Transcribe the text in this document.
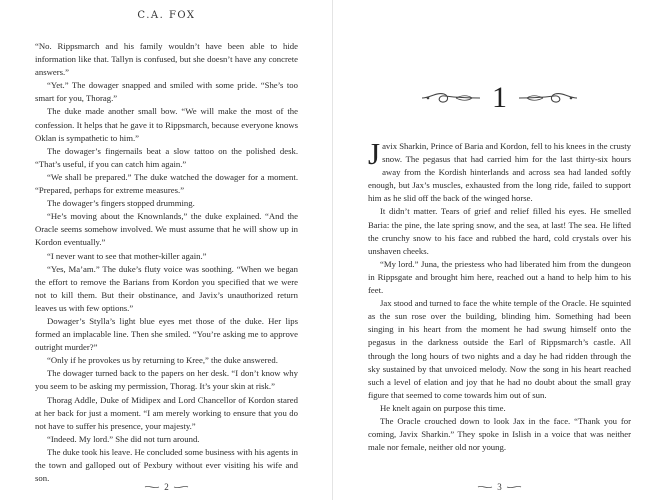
C.A. FOX

“No. Rippsmarch and his family wouldn’t have been able to hide information like that. Tallyn is confused, but she doesn’t have any concrete answers.”

“Yet.” The dowager snapped and smiled with some pride. “She’s too smart for you, Thorag.”

The duke made another small bow. “We will make the most of the confession. It helps that he gave it to Rippsmarch, because everyone knows Oklan is sympathetic to him.”

The dowager’s fingernails beat a slow tattoo on the polished desk. “That’s useful, if you can catch him again.”

“We shall be prepared.” The duke watched the dowager for a moment. “Prepared, perhaps for extreme measures.”

The dowager’s fingers stopped drumming.

“He’s moving about the Knownlands,” the duke explained. “And the Oracle seems somehow involved. We must assume that he will show up in Kordon eventually.”

“I never want to see that mother-killer again.”

“Yes, Ma’am.” The duke’s fluty voice was soothing. “When we began the effort to remove the Barians from Kordon you specified that we were not to kill them. But their obstinance, and Javix’s unauthorized return leaves us with few options.”

Dowager’s Stylla’s light blue eyes met those of the duke. Her lips formed an implacable line. Then she smiled. “You’re asking me to approve outright murder?”

“Only if he provokes us by returning to Kree,” the duke answered.

The dowager turned back to the papers on her desk. “I don’t know why you seem to be asking my permission, Thorag. It’s your skin at risk.”

Thorag Addle, Duke of Midipex and Lord Chancellor of Kordon stared at her back for just a moment. “I am merely working to ensure that you do not have to suffer his presence, your majesty.”

“Indeed. My lord.” She did not turn around.

The duke took his leave. He concluded some business with his agents in the town and galloped out of Pexbury without ever visiting his wife and son.

2
1

Javix Sharkin, Prince of Baria and Kordon, fell to his knees in the crusty snow. The pegasus that had carried him for the last thirty-six hours away from the Kordish hinterlands and across sea had landed softly enough, but Jax’s muscles, exhausted from the long ride, failed to support him as he slid off the back of the winged horse.

It didn’t matter. Tears of grief and relief filled his eyes. He smelled Baria: the pine, the late spring snow, and the sea, at last! The sea. He lifted the crunchy snow to his face and rubbed the hard, cold crystals over his unshaven cheeks.

“My lord.” Juna, the priestess who had liberated him from the dungeon in Rippsgate and brought him here, reached out a hand to help him to his feet.

Jax stood and turned to face the white temple of the Oracle. He squinted as the sun rose over the building, blinding him. Something had been singing in his heart from the moment he had swung himself onto the pegasus in the darkness outside the Earl of Rippsmarch’s castle. All through the long hours of two nights and a day he had ridden through the sky sustained by that unvoiced melody. Now the song in his heart reached such a level of elation and joy that he had no doubt about the small gray figure that seemed to come towards him out of sun.

He knelt again on purpose this time.

The Oracle crouched down to look Jax in the face. “Thank you for coming, Javix Sharkin.” They spoke in Islish in a voice that was neither male nor female, neither old nor young.

3
